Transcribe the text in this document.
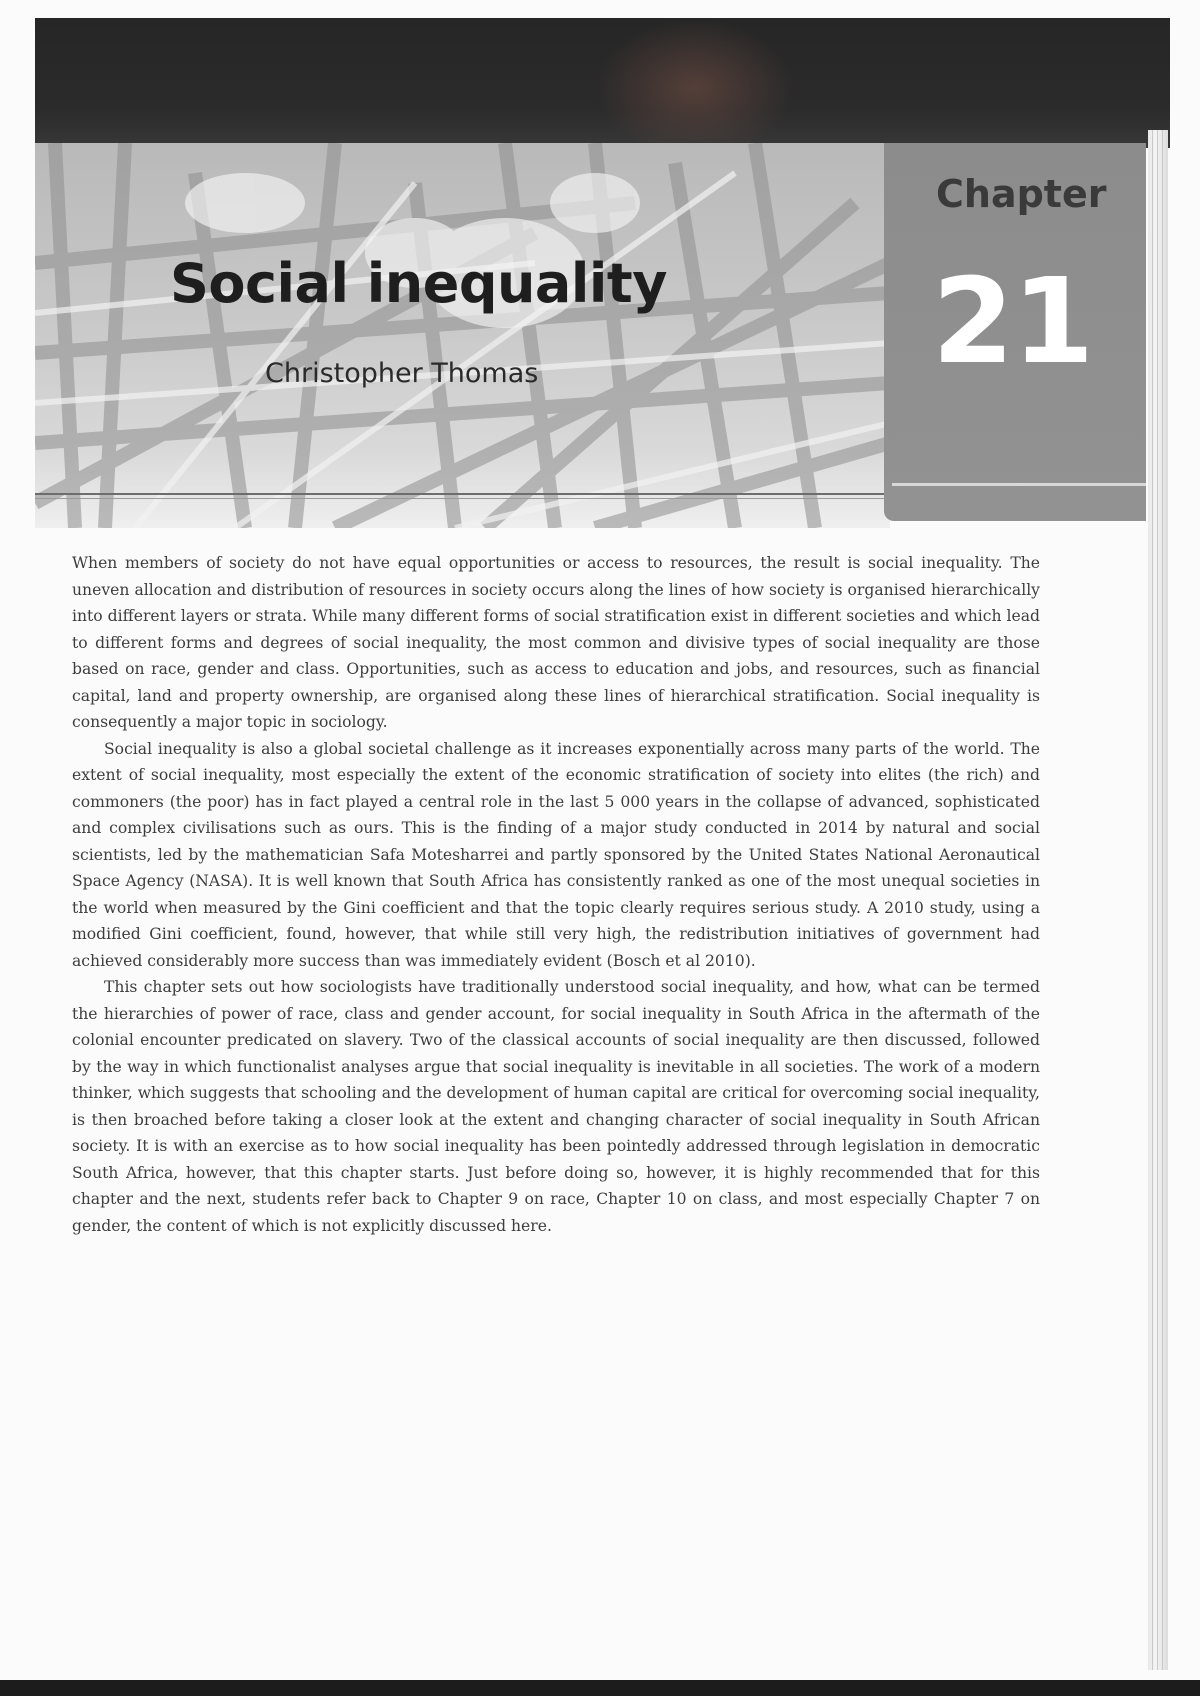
Social inequality

Christopher Thomas

Chapter

21

When members of society do not have equal opportunities or access to resources, the result is social inequality. The uneven allocation and distribution of resources in society occurs along the lines of how society is organised hierarchically into different layers or strata. While many different forms of social stratification exist in different societies and which lead to different forms and degrees of social inequality, the most common and divisive types of social inequality are those based on race, gender and class. Opportunities, such as access to education and jobs, and resources, such as financial capital, land and property ownership, are organised along these lines of hierarchical stratification. Social inequality is consequently a major topic in sociology.

Social inequality is also a global societal challenge as it increases exponentially across many parts of the world. The extent of social inequality, most especially the extent of the economic stratification of society into elites (the rich) and commoners (the poor) has in fact played a central role in the last 5 000 years in the collapse of advanced, sophisticated and complex civilisations such as ours. This is the finding of a major study conducted in 2014 by natural and social scientists, led by the mathematician Safa Motesharrei and partly sponsored by the United States National Aeronautical Space Agency (NASA). It is well known that South Africa has consistently ranked as one of the most unequal societies in the world when measured by the Gini coefficient and that the topic clearly requires serious study. A 2010 study, using a modified Gini coefficient, found, however, that while still very high, the redistribution initiatives of government had achieved considerably more success than was immediately evident (Bosch et al 2010).

This chapter sets out how sociologists have traditionally understood social inequality, and how, what can be termed the hierarchies of power of race, class and gender account, for social inequality in South Africa in the aftermath of the colonial encounter predicated on slavery. Two of the classical accounts of social inequality are then discussed, followed by the way in which functionalist analyses argue that social inequality is inevitable in all societies. The work of a modern thinker, which suggests that schooling and the development of human capital are critical for overcoming social inequality, is then broached before taking a closer look at the extent and changing character of social inequality in South African society. It is with an exercise as to how social inequality has been pointedly addressed through legislation in democratic South Africa, however, that this chapter starts. Just before doing so, however, it is highly recommended that for this chapter and the next, students refer back to Chapter 9 on race, Chapter 10 on class, and most especially Chapter 7 on gender, the content of which is not explicitly discussed here.
